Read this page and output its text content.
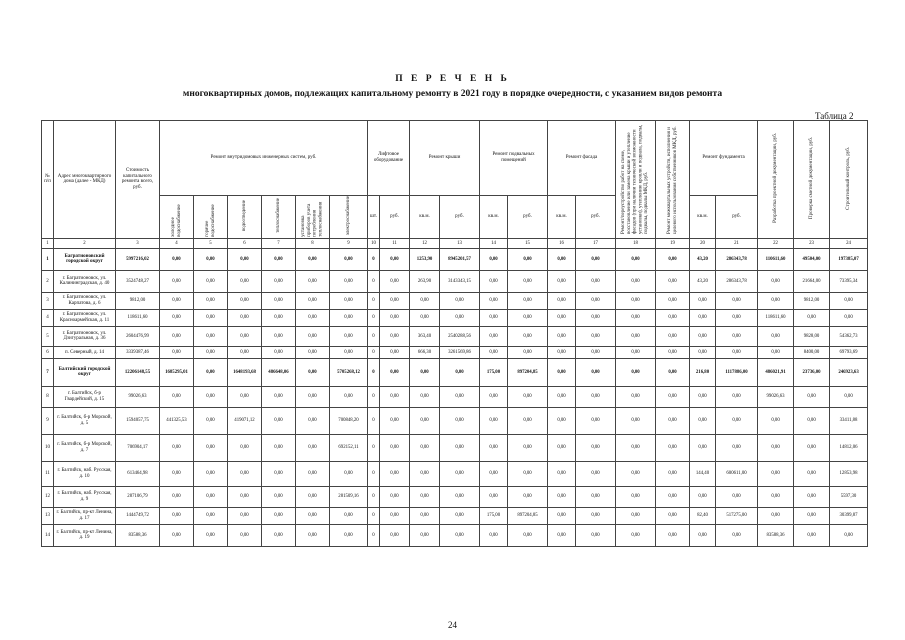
П Е Р Е Ч Е Н Ь
многоквартирных домов, подлежащих капитальному ремонту в 2021 году в порядке очередности, с указанием видов ремонта
Таблица 2
№ п/п	Адрес многоквартирного дома (далее - МКД)	Стоимость капитального ремонта всего, руб.	Ремонт внутридомовых инженерных систем, руб.						Лифтовое оборудование		Ремонт крыши		Ремонт подвальных помещений		Ремонт фасада		Ремонт/переустройство работ на схеме, восстановление или замена крыши и утепление фасадов (при наличии технической возможности установки), утеплению кровли и подвала, подвалы, подвалы, подвалы МКД, руб.	Ремонт межквартальных устройств, исполнения и целевого использования собственников МКД, руб.	Ремонт фундамента		Разработка проектной документации, руб.	Проверка сметной документации, руб.	Строительный контроль, руб.
			холодное водоснабжение	горячее водоснабжение	водоотведение	теплоснабжение	установка приборов учета потребления теплоснабжения	электроснабжение	шт.	руб.	кв.м.	руб.	кв.м.	руб.	кв.м.	руб.			кв.м.	руб.			
1	2	3	4	5	6	7	8	9	10	11	12	13	14	15	16	17	18	19	20	21	22	23	24
1	Багратионовский городской округ	5997216,02	0,00	0,00	0,00	0,00	0,00	0,00	0	0,00	1253,90	8945201,57	0,00	0,00	0,00	0,00	0,00	0,00	43,20	286343,78	110611,60	49504,00	197385,07
2	г. Багратионовск, ул. Калининградская, д. 40	3524748,27	0,00	0,00	0,00	0,00	0,00	0,00	0	0,00	263,90	3143343,15	0,00	0,00	0,00	0,00	0,00	0,00	43,20	286343,78	0,00	21664,00	73395,34
3	г. Багратионовск, ул. Карпатова, д. 6	9812,00	0,00	0,00	0,00	0,00	0,00	0,00	0	0,00	0,00	0,00	0,00	0,00	0,00	0,00	0,00	0,00	0,00	0,00	0,00	9812,00	0,00
4	г. Багратионовск, ул. Красноармейская, д. 11	118611,60	0,00	0,00	0,00	0,00	0,00	0,00	0	0,00	0,00	0,00	0,00	0,00	0,00	0,00	0,00	0,00	0,00	0,00	118611,60	0,00	0,00
5	г. Багратионовск, ул. Дзигуральная, д. 36	2604476,99	0,00	0,00	0,00	0,00	0,00	0,00	0	0,00	363,40	2540288,56	0,00	0,00	0,00	0,00	0,00	0,00	0,00	0,00	0,00	9828,00	54362,73
6	п. Северный, д. 14	3339387,46	0,00	0,00	0,00	0,00	0,00	0,00	0	0,00	666,30	3261569,86	0,00	0,00	0,00	0,00	0,00	0,00	0,00	0,00	0,00	8400,00	69793,69
7	Балтийский городской округ	12206148,55	1685295,01	0,00	1648193,68	486648,06	0,00	5705268,12	0	0,00	0,00	0,00	175,00	897204,85	0,00	0,00	0,00	0,00	216,80	1117886,00	486021,91	23736,00	246923,63
8	г. Балтийск, б-р Гвардейский, д. 15	99026,63	0,00	0,00	0,00	0,00	0,00	0,00	0	0,00	0,00	0,00	0,00	0,00	0,00	0,00	0,00	0,00	0,00	0,00	99026,63	0,00	0,00
9	г. Балтийск, б-р Морской, д. 5	1594057,75	441325,53	0,00	419071,12	0,00	0,00	700848,20	0	0,00	0,00	0,00	0,00	0,00	0,00	0,00	0,00	0,00	0,00	0,00	0,00	0,00	33411,88
10	г. Балтийск, б-р Морской, д. 7	706904,17	0,00	0,00	0,00	0,00	0,00	692152,11	0	0,00	0,00	0,00	0,00	0,00	0,00	0,00	0,00	0,00	0,00	0,00	0,00	0,00	14812,06
11	г. Балтийск, наб. Русская, д. 10	613464,98	0,00	0,00	0,00	0,00	0,00	0,00	0	0,00	0,00	0,00	0,00	0,00	0,00	0,00	0,00	0,00	144,40	600611,00	0,00	0,00	12853,98
12	г. Балтийск, наб. Русская, д. 9	287106,79	0,00	0,00	0,00	0,00	0,00	281509,16	0	0,00	0,00	0,00	0,00	0,00	0,00	0,00	0,00	0,00	0,00	0,00	0,00	0,00	5597,30
13	г. Балтийск, пр-кт Ленина, д. 17	1444749,72	0,00	0,00	0,00	0,00	0,00	0,00	0	0,00	0,00	0,00	175,00	897204,85	0,00	0,00	0,00	0,00	82,40	517275,00	0,00	0,00	30399,87
14	г. Балтийск, пр-кт Ленина, д. 19	83588,36	0,00	0,00	0,00	0,00	0,00	0,00	0	0,00	0,00	0,00	0,00	0,00	0,00	0,00	0,00	0,00	0,00	0,00	83588,36	0,00	0,00
24
